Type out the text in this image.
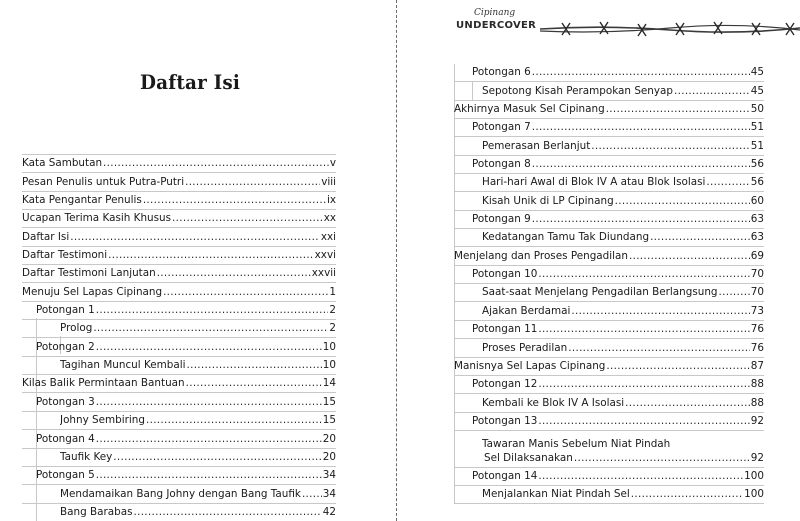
Daftar Isi
Kata Sambutan .....	v
Pesan Penulis untuk Putra-Putri .....	viii
Kata Pengantar Penulis .....	ix
Ucapan Terima Kasih Khusus .....	xx
Daftar Isi .....	xxi
Daftar Testimoni .....	xxvi
Daftar Testimoni Lanjutan .....	xxvii
Menuju Sel Lapas Cipinang .....	1
Potongan 1 .....	2
Prolog .....	2
Potongan 2 .....	10
Tagihan Muncul Kembali .....	10
Kilas Balik Permintaan Bantuan .....	14
Potongan 3 .....	15
Johny Sembiring .....	15
Potongan 4 .....	20
Taufik Key .....	20
Potongan 5 .....	34
Mendamaikan Bang Johny dengan Bang Taufik ..... 34
Bang Barabas .....	42
Cipinang
UNDERCOVER
Potongan 6 .....	45
Sepotong Kisah Perampokan Senyap .....	45
Akhirnya Masuk Sel Cipinang .....	50
Potongan 7 .....	51
Pemerasan Berlanjut .....	51
Potongan 8 .....	56
Hari-hari Awal di Blok IV A atau Blok Isolasi .....	56
Kisah Unik di LP Cipinang .....	60
Potongan 9 .....	63
Kedatangan Tamu Tak Diundang .....	63
Menjelang dan Proses Pengadilan .....	69
Potongan 10 .....	70
Saat-saat Menjelang Pengadilan Berlangsung .....	70
Ajakan Berdamai .....	73
Potongan 11 .....	76
Proses Peradilan .....	76
Manisnya Sel Lapas Cipinang .....	87
Potongan 12 .....	88
Kembali ke Blok IV A Isolasi .....	88
Potongan 13 .....	92
Tawaran Manis Sebelum Niat Pindah
Sel Dilaksanakan .....	92
Potongan 14 .....	100
Menjalankan Niat Pindah Sel .....	100
